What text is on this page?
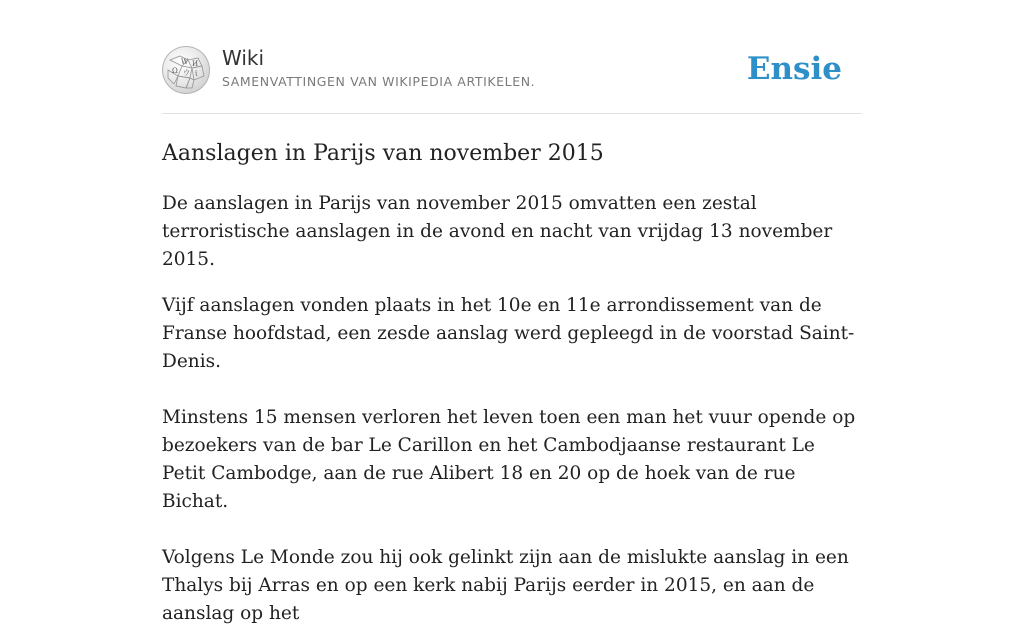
W И
Ω ウ ϊ
Wiki
SAMENVATTINGEN VAN WIKIPEDIA ARTIKELEN.	Ensie
Aanslagen in Parijs van november 2015

De aanslagen in Parijs van november 2015 omvatten een zestal terroristische aanslagen in de avond en nacht van vrijdag 13 november 2015.

Vijf aanslagen vonden plaats in het 10e en 11e arrondissement van de Franse hoofdstad, een zesde aanslag werd gepleegd in de voorstad Saint-Denis.

Minstens 15 mensen verloren het leven toen een man het vuur opende op bezoekers van de bar Le Carillon en het Cambodjaanse restaurant Le Petit Cambodge, aan de rue Alibert 18 en 20 op de hoek van de rue Bichat.

Volgens Le Monde zou hij ook gelinkt zijn aan de mislukte aanslag in een Thalys bij Arras en op een kerk nabij Parijs eerder in 2015, en aan de aanslag op het
